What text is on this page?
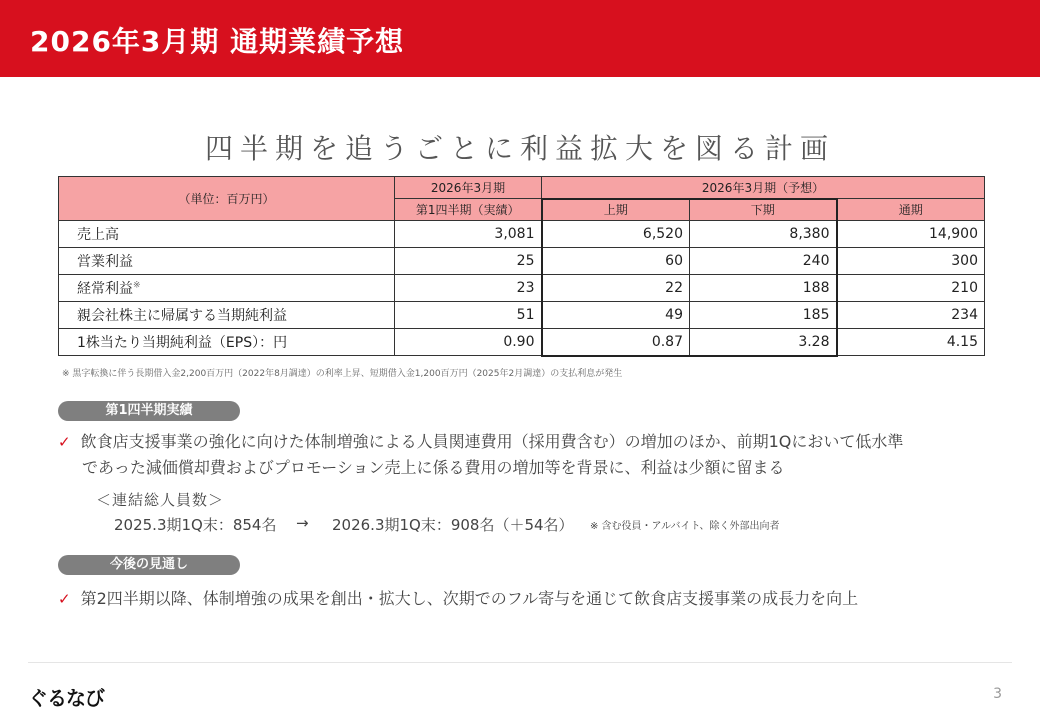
2026年3月期 通期業績予想
四半期を追うごとに利益拡大を図る計画
（単位：百万円）	2026年3月期	2026年3月期（予想）		
	第1四半期（実績）	上期	下期	通期
売上高	3,081	6,520	8,380	14,900
営業利益	25	60	240	300
経常利益※	23	22	188	210
親会社株主に帰属する当期純利益	51	49	185	234
1株当たり当期純利益（EPS）：円	0.90	0.87	3.28	4.15
※ 黒字転換に伴う長期借入金2,200百万円（2022年8月調達）の利率上昇、短期借入金1,200百万円（2025年2月調達）の支払利息が発生
第1四半期実績
✓ 飲食店支援事業の強化に向けた体制増強による人員関連費用（採用費含む）の増加のほか、前期1Qにおいて低水準
であった減価償却費およびプロモーション売上に係る費用の増加等を背景に、利益は少額に留まる
＜連結総人員数＞
2025.3期1Q末：854名 → 2026.3期1Q末：908名（＋54名） ※ 含む役員・アルバイト、除く外部出向者
今後の見通し
✓ 第2四半期以降、体制増強の成果を創出・拡大し、次期でのフル寄与を通じて飲食店支援事業の成長力を向上
ぐるなび	3
